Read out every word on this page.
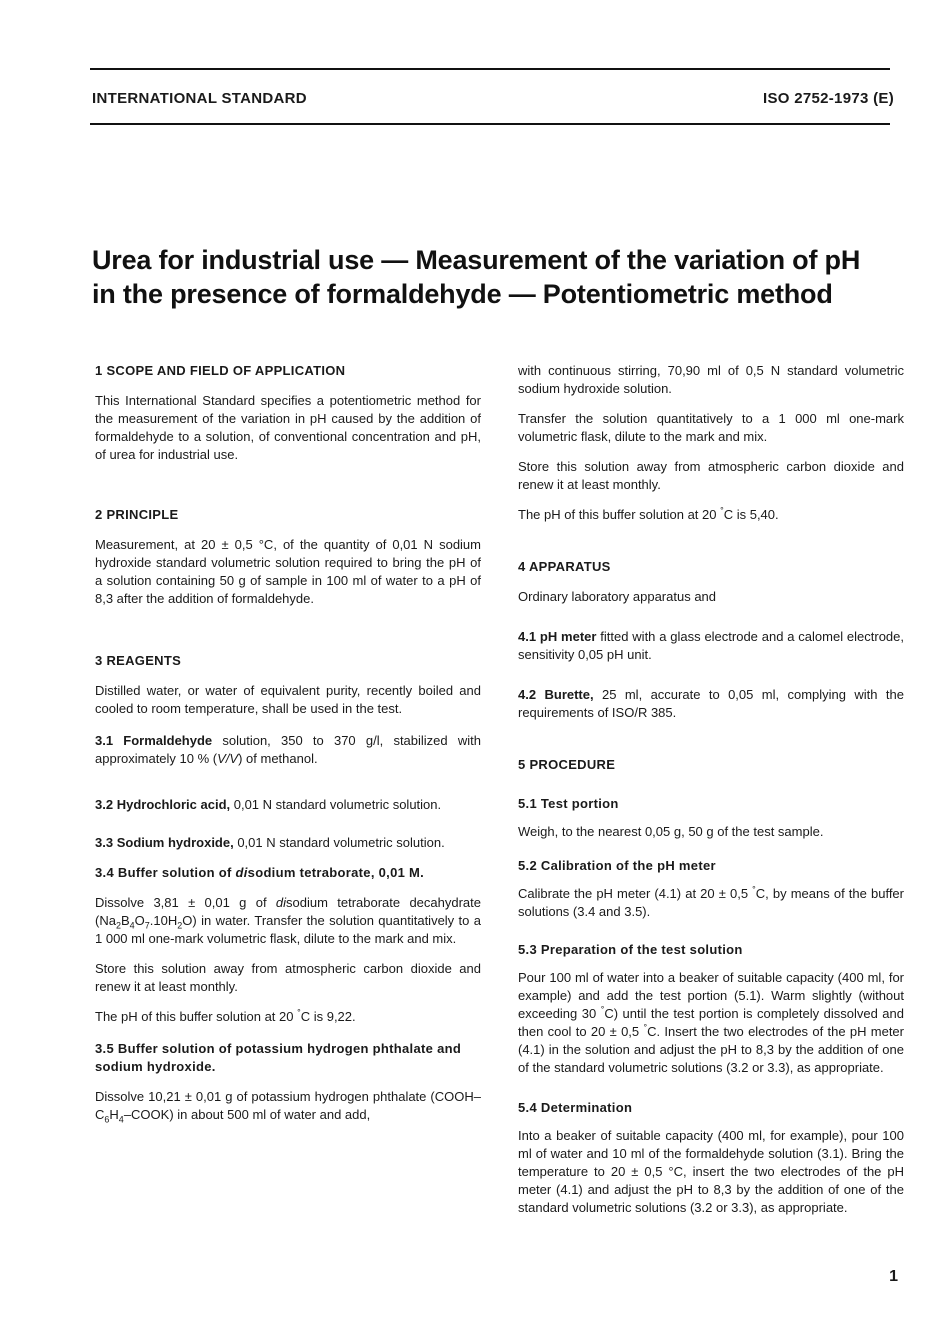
INTERNATIONAL STANDARD	ISO 2752-1973 (E)
Urea for industrial use — Measurement of the variation of pH
in the presence of formaldehyde — Potentiometric method

1 SCOPE AND FIELD OF APPLICATION

This International Standard specifies a potentiometric method for the measurement of the variation in pH caused by the addition of formaldehyde to a solution, of conventional concentration and pH, of urea for industrial use.

2 PRINCIPLE

Measurement, at 20 ± 0,5 °C, of the quantity of 0,01 N sodium hydroxide standard volumetric solution required to bring the pH of a solution containing 50 g of sample in 100 ml of water to a pH of 8,3 after the addition of formaldehyde.

3 REAGENTS

Distilled water, or water of equivalent purity, recently boiled and cooled to room temperature, shall be used in the test.

3.1 Formaldehyde solution, 350 to 370 g/l, stabilized with approximately 10 % (V/V) of methanol.

3.2 Hydrochloric acid, 0,01 N standard volumetric solution.

3.3 Sodium hydroxide, 0,01 N standard volumetric solution.

3.4 Buffer solution of disodium tetraborate, 0,01 M.

Dissolve 3,81 ± 0,01 g of disodium tetraborate decahydrate $(Na_2B_4O_7.10H_2O)$ in water. Transfer the solution quantitatively to a 1 000 ml one-mark volumetric flask, dilute to the mark and mix.

Store this solution away from atmospheric carbon dioxide and renew it at least monthly.

The pH of this buffer solution at 20 °C is 9,22.

3.5 Buffer solution of potassium hydrogen phthalate and sodium hydroxide.

Dissolve 10,21 ± 0,01 g of potassium hydrogen phthalate $(COOH-C_6H_4-COOK)$ in about 500 ml of water and add,

with continuous stirring, 70,90 ml of 0,5 N standard volumetric sodium hydroxide solution.

Transfer the solution quantitatively to a 1 000 ml one-mark volumetric flask, dilute to the mark and mix.

Store this solution away from atmospheric carbon dioxide and renew it at least monthly.

The pH of this buffer solution at 20 °C is 5,40.

4 APPARATUS

Ordinary laboratory apparatus and

4.1 pH meter fitted with a glass electrode and a calomel electrode, sensitivity 0,05 pH unit.

4.2 Burette, 25 ml, accurate to 0,05 ml, complying with the requirements of ISO/R 385.

5 PROCEDURE

5.1 Test portion

Weigh, to the nearest 0,05 g, 50 g of the test sample.

5.2 Calibration of the pH meter

Calibrate the pH meter (4.1) at 20 ± 0,5 °C, by means of the buffer solutions (3.4 and 3.5).

5.3 Preparation of the test solution

Pour 100 ml of water into a beaker of suitable capacity (400 ml, for example) and add the test portion (5.1). Warm slightly (without exceeding 30 °C) until the test portion is completely dissolved and then cool to 20 ± 0,5 °C. Insert the two electrodes of the pH meter (4.1) in the solution and adjust the pH to 8,3 by the addition of one of the standard volumetric solutions (3.2 or 3.3), as appropriate.

5.4 Determination

Into a beaker of suitable capacity (400 ml, for example), pour 100 ml of water and 10 ml of the formaldehyde solution (3.1). Bring the temperature to 20 ± 0,5 °C, insert the two electrodes of the pH meter (4.1) and adjust the pH to 8,3 by the addition of one of the standard volumetric solutions (3.2 or 3.3), as appropriate.

1
